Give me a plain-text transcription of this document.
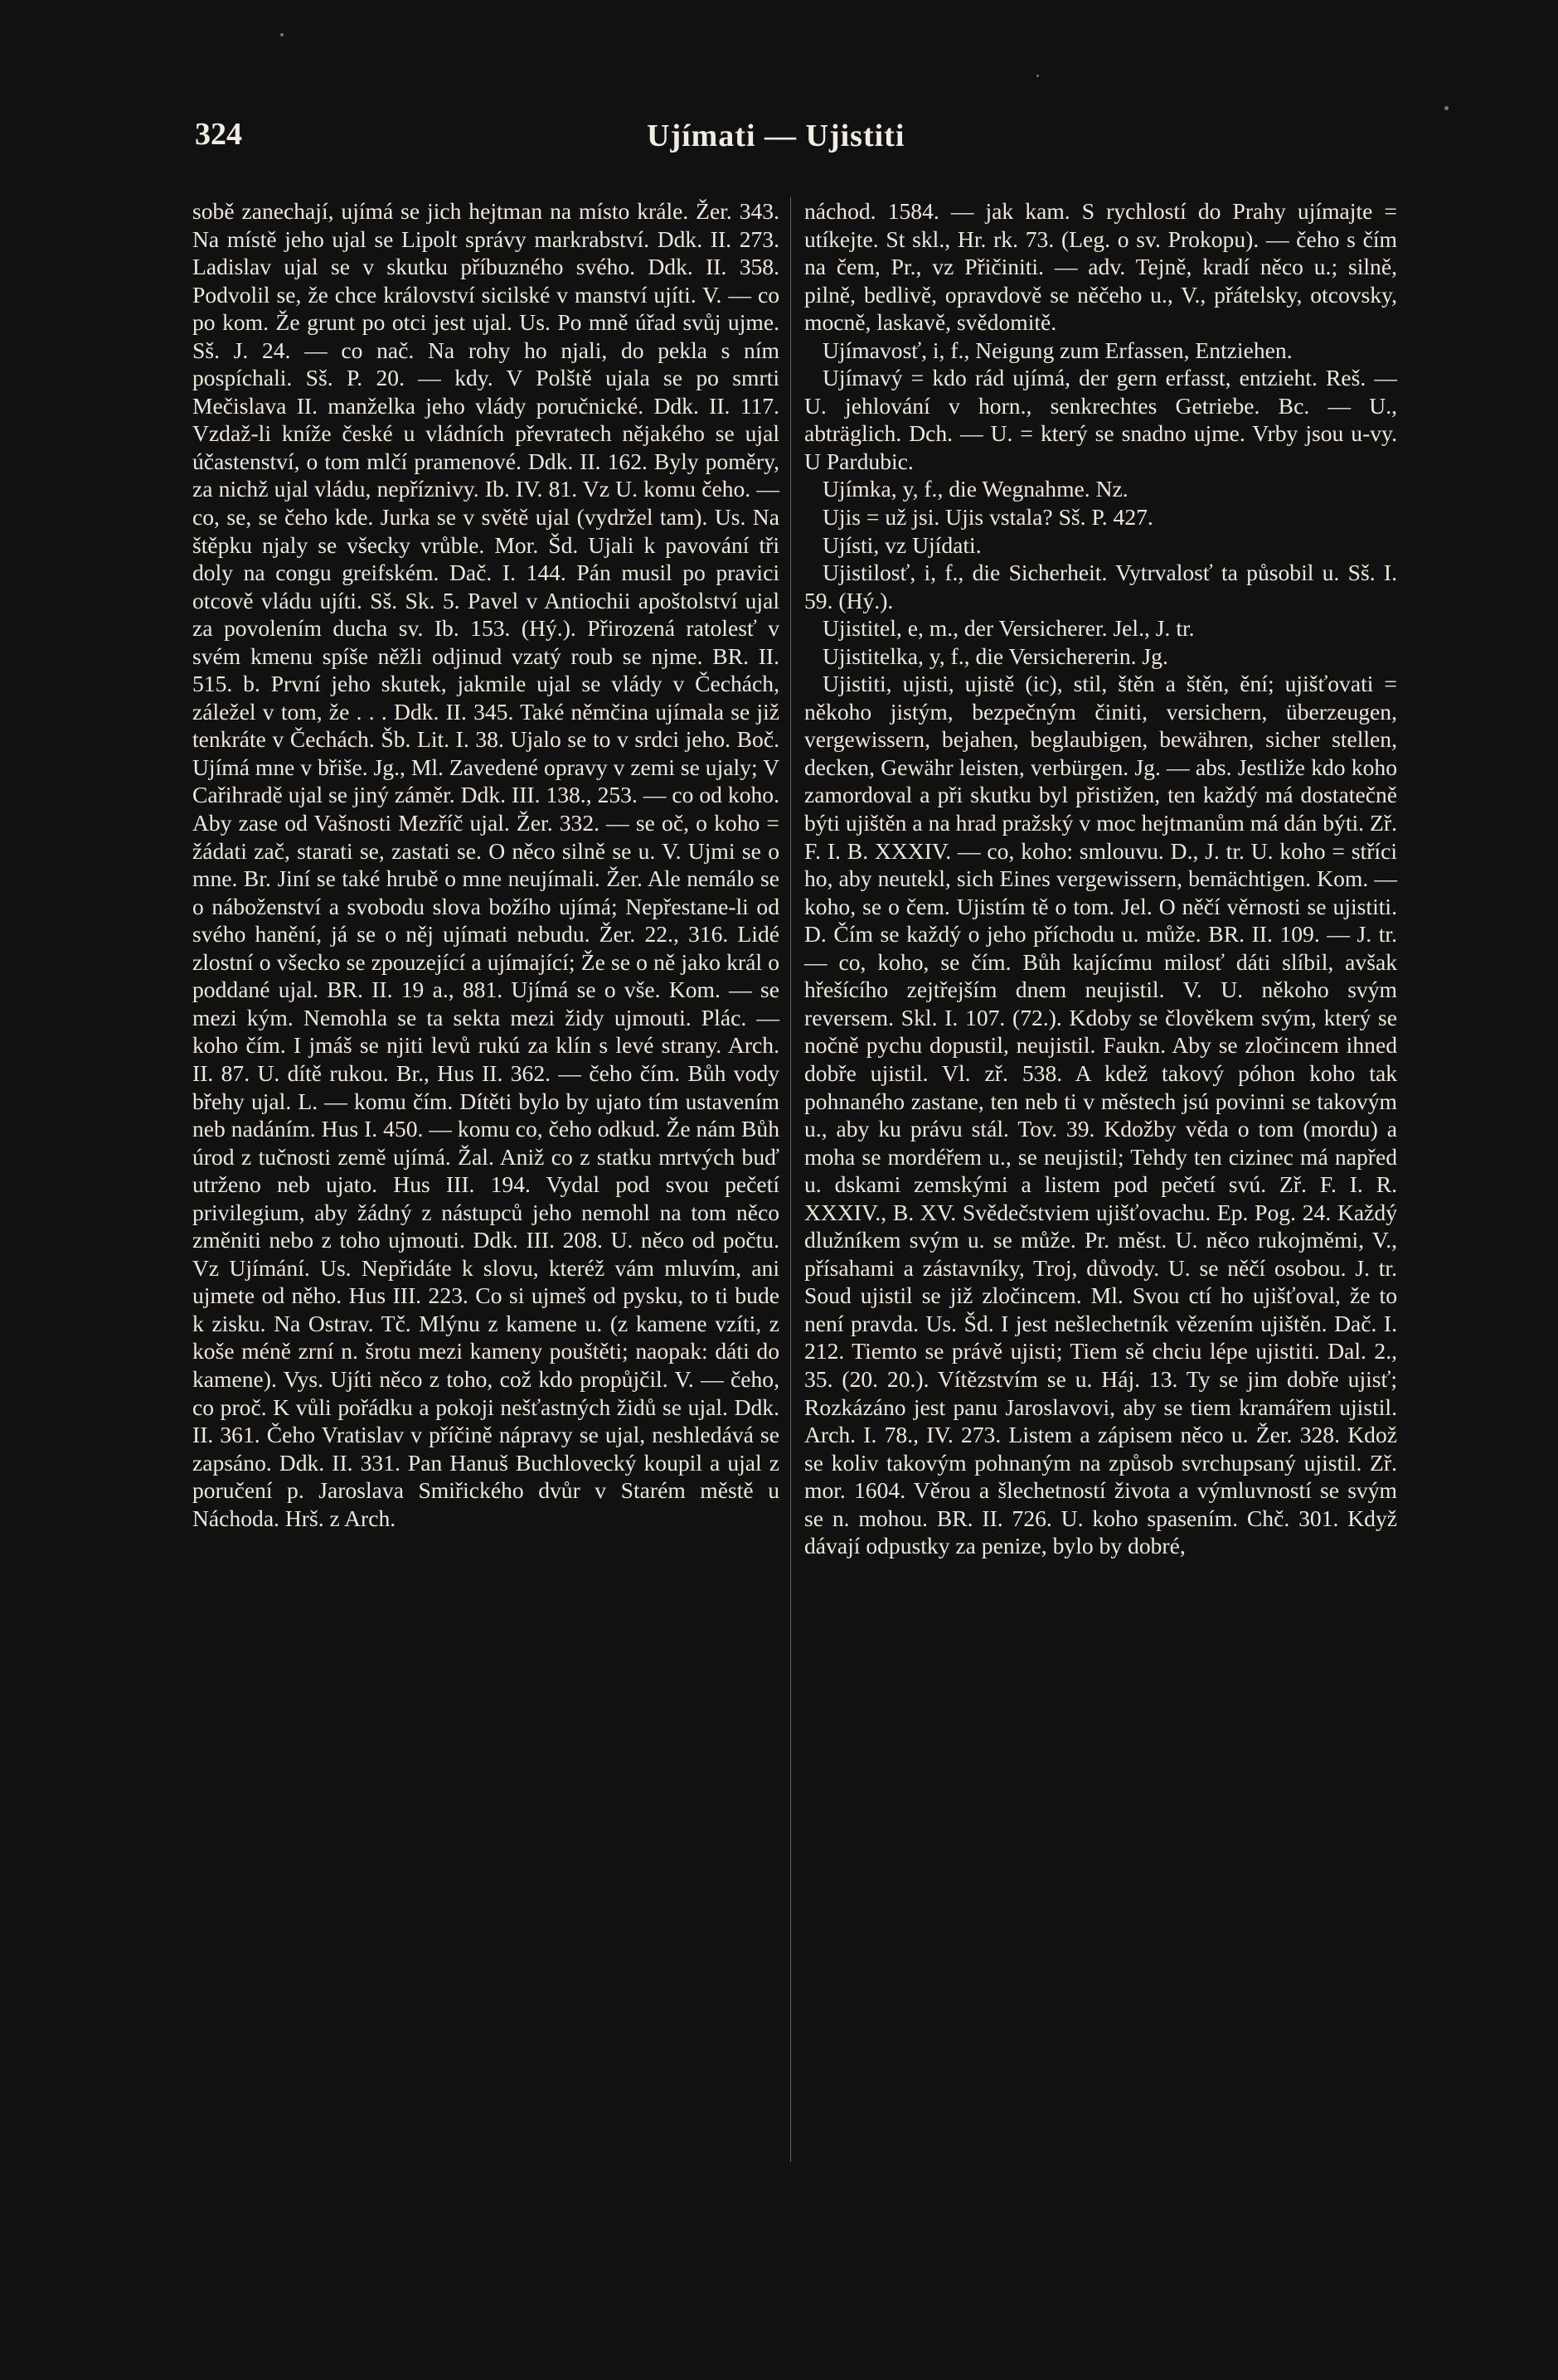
324	Ujímati — Ujistiti

sobě zanechají, ujímá se jich hejtman na místo krále. Žer. 343. Na místě jeho ujal se Lipolt správy markrabství. Ddk. II. 273. Ladislav ujal se v skutku příbuzného svého. Ddk. II. 358. Podvolil se, že chce království sicilské v manství ujíti. V. — co po kom. Že grunt po otci jest ujal. Us. Po mně úřad svůj ujme. Sš. J. 24. — co nač. Na rohy ho njali, do pekla s ním pospíchali. Sš. P. 20. — kdy. V Polště ujala se po smrti Mečislava II. manželka jeho vlády poručnické. Ddk. II. 117. Vzdaž-li kníže české u vládních převratech nějakého se ujal účastenství, o tom mlčí pramenové. Ddk. II. 162. Byly poměry, za nichž ujal vládu, nepříznivy. Ib. IV. 81. Vz U. komu čeho. — co, se, se čeho kde. Jurka se v světě ujal (vydržel tam). Us. Na štěpku njaly se všecky vrůble. Mor. Šd. Ujali k pavování tři doly na congu greifském. Dač. I. 144. Pán musil po pravici otcově vládu ujíti. Sš. Sk. 5. Pavel v Antiochii apoštolství ujal za povolením ducha sv. Ib. 153. (Hý.). Přirozená ratolesť v svém kmenu spíše něžli odjinud vzatý roub se njme. BR. II. 515. b. První jeho skutek, jakmile ujal se vlády v Čechách, záležel v tom, že . . . Ddk. II. 345. Také němčina ujímala se již tenkráte v Čechách. Šb. Lit. I. 38. Ujalo se to v srdci jeho. Boč. Ujímá mne v břiše. Jg., Ml. Zavedené opravy v zemi se ujaly; V Cařihradě ujal se jiný záměr. Ddk. III. 138., 253. — co od koho. Aby zase od Vašnosti Mezříč ujal. Žer. 332. — se oč, o koho = žádati zač, starati se, zastati se. O něco silně se u. V. Ujmi se o mne. Br. Jiní se také hrubě o mne neujímali. Žer. Ale nemálo se o náboženství a svobodu slova božího ujímá; Nepřestane-li od svého hanění, já se o něj ujímati nebudu. Žer. 22., 316. Lidé zlostní o všecko se zpouzející a ujímající; Že se o ně jako král o poddané ujal. BR. II. 19 a., 881. Ujímá se o vše. Kom. — se mezi kým. Nemohla se ta sekta mezi židy ujmouti. Plác. — koho čím. I jmáš se njiti levů rukú za klín s levé strany. Arch. II. 87. U. dítě rukou. Br., Hus II. 362. — čeho čím. Bůh vody břehy ujal. L. — komu čím. Dítěti bylo by ujato tím ustavením neb nadáním. Hus I. 450. — komu co, čeho odkud. Že nám Bůh úrod z tučnosti země ujímá. Žal. Aniž co z statku mrtvých buď utrženo neb ujato. Hus III. 194. Vydal pod svou pečetí privilegium, aby žádný z nástupců jeho nemohl na tom něco změniti nebo z toho ujmouti. Ddk. III. 208. U. něco od počtu. Vz Ujímání. Us. Nepřidáte k slovu, kteréž vám mluvím, ani ujmete od něho. Hus III. 223. Co si ujmeš od pysku, to ti bude k zisku. Na Ostrav. Tč. Mlýnu z kamene u. (z kamene vzíti, z koše méně zrní n. šrotu mezi kameny pouštěti; naopak: dáti do kamene). Vys. Ujíti něco z toho, což kdo propůjčil. V. — čeho, co proč. K vůli pořádku a pokoji nešťastných židů se ujal. Ddk. II. 361. Čeho Vratislav v příčině nápravy se ujal, neshledává se zapsáno. Ddk. II. 331. Pan Hanuš Buchlovecký koupil a ujal z poručení p. Jaroslava Smiřického dvůr v Starém městě u Náchoda. Hrš. z Arch.

náchod. 1584. — jak kam. S rychlostí do Prahy ujímajte = utíkejte. St skl., Hr. rk. 73. (Leg. o sv. Prokopu). — čeho s čím na čem, Pr., vz Přičiniti. — adv. Tejně, kradí něco u.; silně, pilně, bedlivě, opravdově se něčeho u., V., přátelsky, otcovsky, mocně, laskavě, svědomitě.

Ujímavosť, i, f., Neigung zum Erfassen, Entziehen.

Ujímavý = kdo rád ujímá, der gern erfasst, entzieht. Reš. — U. jehlování v horn., senkrechtes Getriebe. Bc. — U., abträglich. Dch. — U. = který se snadno ujme. Vrby jsou u-vy. U Pardubic.

Ujímka, y, f., die Wegnahme. Nz.

Ujis = už jsi. Ujis vstala? Sš. P. 427.

Ujísti, vz Ujídati.

Ujistilosť, i, f., die Sicherheit. Vytrvalosť ta působil u. Sš. I. 59. (Hý.).

Ujistitel, e, m., der Versicherer. Jel., J. tr.

Ujistitelka, y, f., die Versichererin. Jg.

Ujistiti, ujisti, ujistě (ic), stil, štěn a štěn, ění; ujišťovati = někoho jistým, bezpečným činiti, versichern, überzeugen, vergewissern, bejahen, beglaubigen, bewähren, sicher stellen, decken, Gewähr leisten, verbürgen. Jg. — abs. Jestliže kdo koho zamordoval a při skutku byl přistižen, ten každý má dostatečně býti ujištěn a na hrad pražský v moc hejtmanům má dán býti. Zř. F. I. B. XXXIV. — co, koho: smlouvu. D., J. tr. U. koho = stříci ho, aby neutekl, sich Eines vergewissern, bemächtigen. Kom. — koho, se o čem. Ujistím tě o tom. Jel. O něčí věrnosti se ujistiti. D. Čím se každý o jeho příchodu u. může. BR. II. 109. — J. tr. — co, koho, se čím. Bůh kajícímu milosť dáti slíbil, avšak hřešícího zejtřejším dnem neujistil. V. U. někoho svým reversem. Skl. I. 107. (72.). Kdoby se člověkem svým, který se nočně pychu dopustil, neujistil. Faukn. Aby se zločincem ihned dobře ujistil. Vl. zř. 538. A kdež takový póhon koho tak pohnaného zastane, ten neb ti v městech jsú povinni se takovým u., aby ku právu stál. Tov. 39. Kdožby věda o tom (mordu) a moha se mordéřem u., se neujistil; Tehdy ten cizinec má napřed u. dskami zemskými a listem pod pečetí svú. Zř. F. I. R. XXXIV., B. XV. Svědečstviem ujišťovachu. Ep. Pog. 24. Každý dlužníkem svým u. se může. Pr. měst. U. něco rukojměmi, V., přísahami a zástavníky, Troj, důvody. U. se něčí osobou. J. tr. Soud ujistil se již zločincem. Ml. Svou ctí ho ujišťoval, že to není pravda. Us. Šd. I jest nešlechetník vězením ujištěn. Dač. I. 212. Tiemto se právě ujisti; Tiem sě chciu lépe ujistiti. Dal. 2., 35. (20. 20.). Vítězstvím se u. Háj. 13. Ty se jim dobře ujisť; Rozkázáno jest panu Jaroslavovi, aby se tiem kramářem ujistil. Arch. I. 78., IV. 273. Listem a zápisem něco u. Žer. 328. Kdož se koliv takovým pohnaným na způsob svrchupsaný ujistil. Zř. mor. 1604. Věrou a šlechetností života a výmluvností se svým se n. mohou. BR. II. 726. U. koho spasením. Chč. 301. Když dávají odpustky za penize, bylo by dobré,
